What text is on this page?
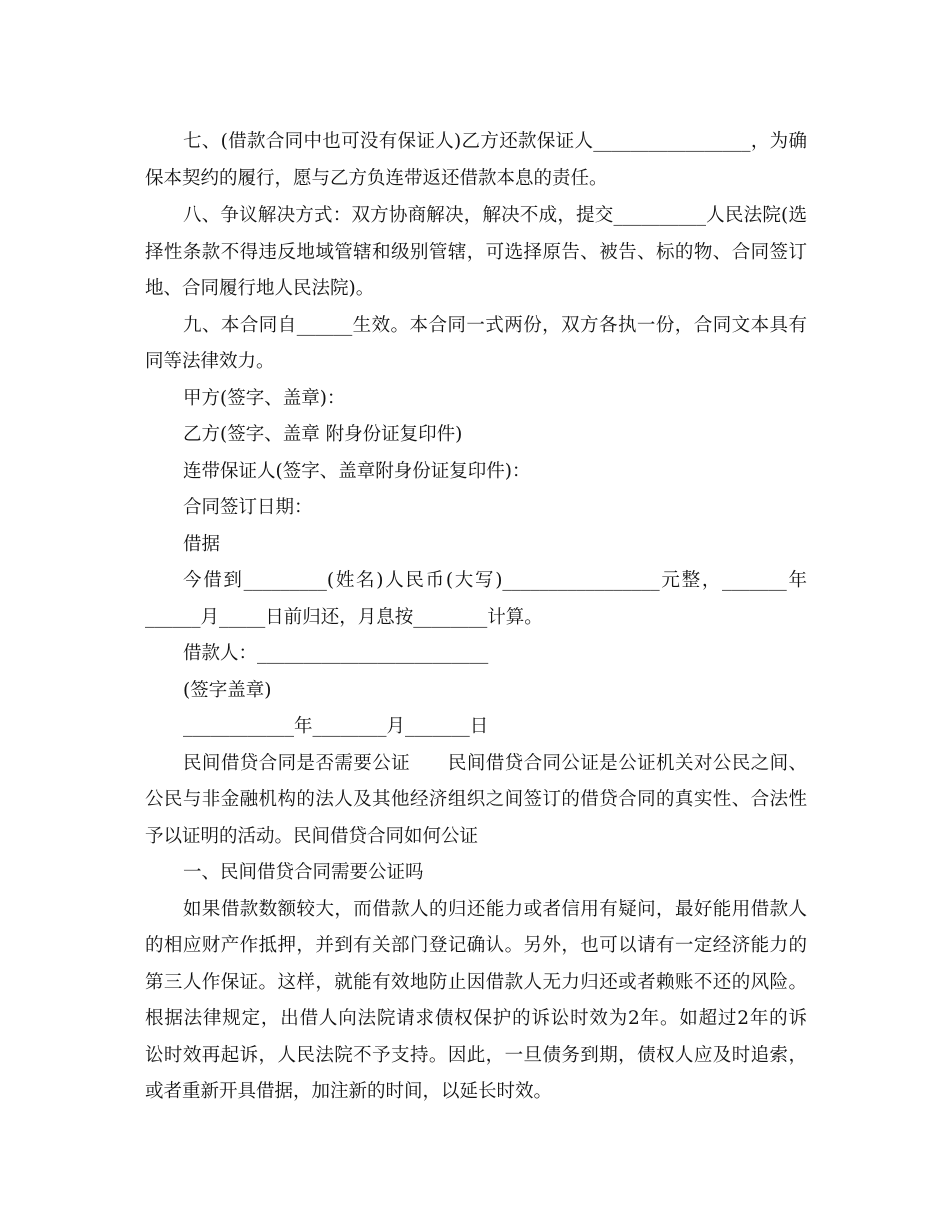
七、(借款合同中也可没有保证人)乙方还款保证人_________________，为确
保本契约的履行，愿与乙方负连带返还借款本息的责任。
八、争议解决方式：双方协商解决，解决不成，提交__________人民法院(选
择性条款不得违反地域管辖和级别管辖，可选择原告、被告、标的物、合同签订
地、合同履行地人民法院)。
九、本合同自______生效。本合同一式两份，双方各执一份，合同文本具有
同等法律效力。
甲方(签字、盖章)：
乙方(签字、盖章 附身份证复印件)
连带保证人(签字、盖章附身份证复印件)：
合同签订日期：
借据
今借到_________(姓名)人民币(大写)_________________元整，_______年
______月_____日前归还，月息按________计算。
借款人：_________________________
(签字盖章)
____________年________月_______日
民间借贷合同是否需要公证　　民间借贷合同公证是公证机关对公民之间、
公民与非金融机构的法人及其他经济组织之间签订的借贷合同的真实性、合法性
予以证明的活动。民间借贷合同如何公证
一、民间借贷合同需要公证吗
如果借款数额较大，而借款人的归还能力或者信用有疑问，最好能用借款人
的相应财产作抵押，并到有关部门登记确认。另外，也可以请有一定经济能力的
第三人作保证。这样，就能有效地防止因借款人无力归还或者赖账不还的风险。
根据法律规定，出借人向法院请求债权保护的诉讼时效为2年。如超过2年的诉
讼时效再起诉，人民法院不予支持。因此，一旦债务到期，债权人应及时追索，
或者重新开具借据，加注新的时间，以延长时效。
